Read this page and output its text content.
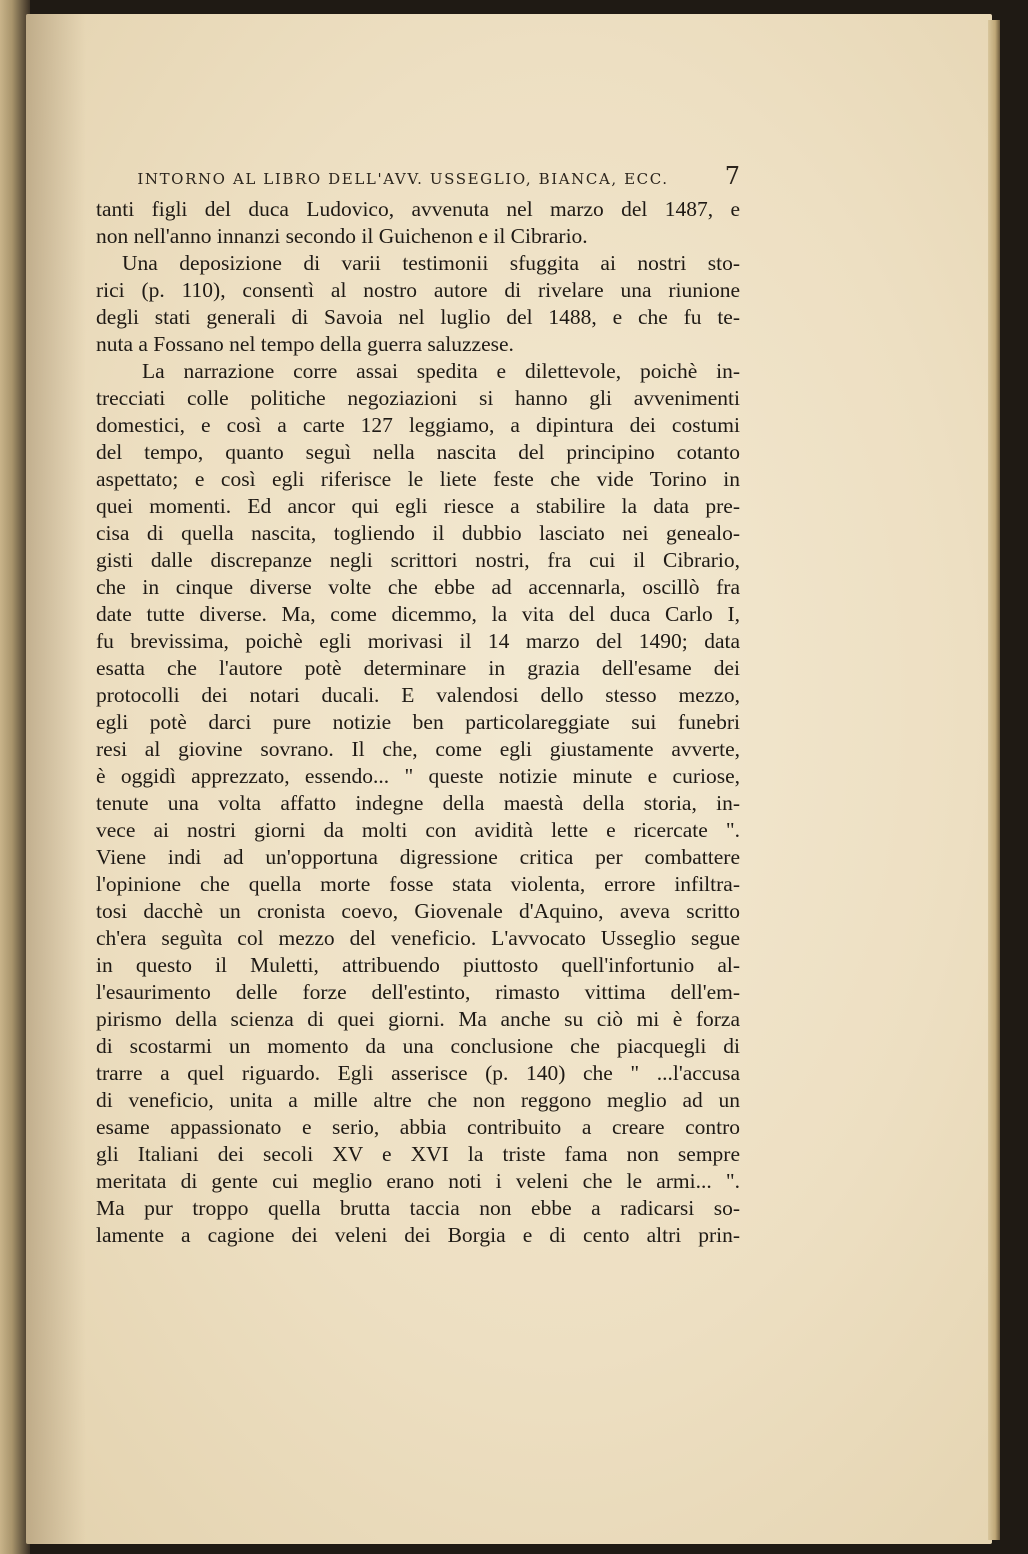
INTORNO AL LIBRO DELL'AVV. USSEGLIO, BIANCA, ECC.	7
tanti figli del duca Ludovico, avvenuta nel marzo del 1487, e
non nell'anno innanzi secondo il Guichenon e il Cibrario.
Una deposizione di varii testimonii sfuggita ai nostri sto-
rici (p. 110), consentì al nostro autore di rivelare una riunione
degli stati generali di Savoia nel luglio del 1488, e che fu te-
nuta a Fossano nel tempo della guerra saluzzese.
La narrazione corre assai spedita e dilettevole, poichè in-
trecciati colle politiche negoziazioni si hanno gli avvenimenti
domestici, e così a carte 127 leggiamo, a dipintura dei costumi
del tempo, quanto seguì nella nascita del principino cotanto
aspettato; e così egli riferisce le liete feste che vide Torino in
quei momenti. Ed ancor qui egli riesce a stabilire la data pre-
cisa di quella nascita, togliendo il dubbio lasciato nei genealo-
gisti dalle discrepanze negli scrittori nostri, fra cui il Cibrario,
che in cinque diverse volte che ebbe ad accennarla, oscillò fra
date tutte diverse. Ma, come dicemmo, la vita del duca Carlo I,
fu brevissima, poichè egli morivasi il 14 marzo del 1490; data
esatta che l'autore potè determinare in grazia dell'esame dei
protocolli dei notari ducali. E valendosi dello stesso mezzo,
egli potè darci pure notizie ben particolareggiate sui funebri
resi al giovine sovrano. Il che, come egli giustamente avverte,
è oggidì apprezzato, essendo... " queste notizie minute e curiose,
tenute una volta affatto indegne della maestà della storia, in-
vece ai nostri giorni da molti con avidità lette e ricercate ".
Viene indi ad un'opportuna digressione critica per combattere
l'opinione che quella morte fosse stata violenta, errore infiltra-
tosi dacchè un cronista coevo, Giovenale d'Aquino, aveva scritto
ch'era seguìta col mezzo del veneficio. L'avvocato Usseglio segue
in questo il Muletti, attribuendo piuttosto quell'infortunio al-
l'esaurimento delle forze dell'estinto, rimasto vittima dell'em-
pirismo della scienza di quei giorni. Ma anche su ciò mi è forza
di scostarmi un momento da una conclusione che piacquegli di
trarre a quel riguardo. Egli asserisce (p. 140) che " ...l'accusa
di veneficio, unita a mille altre che non reggono meglio ad un
esame appassionato e serio, abbia contribuito a creare contro
gli Italiani dei secoli XV e XVI la triste fama non sempre
meritata di gente cui meglio erano noti i veleni che le armi... ".
Ma pur troppo quella brutta taccia non ebbe a radicarsi so-
lamente a cagione dei veleni dei Borgia e di cento altri prin-
